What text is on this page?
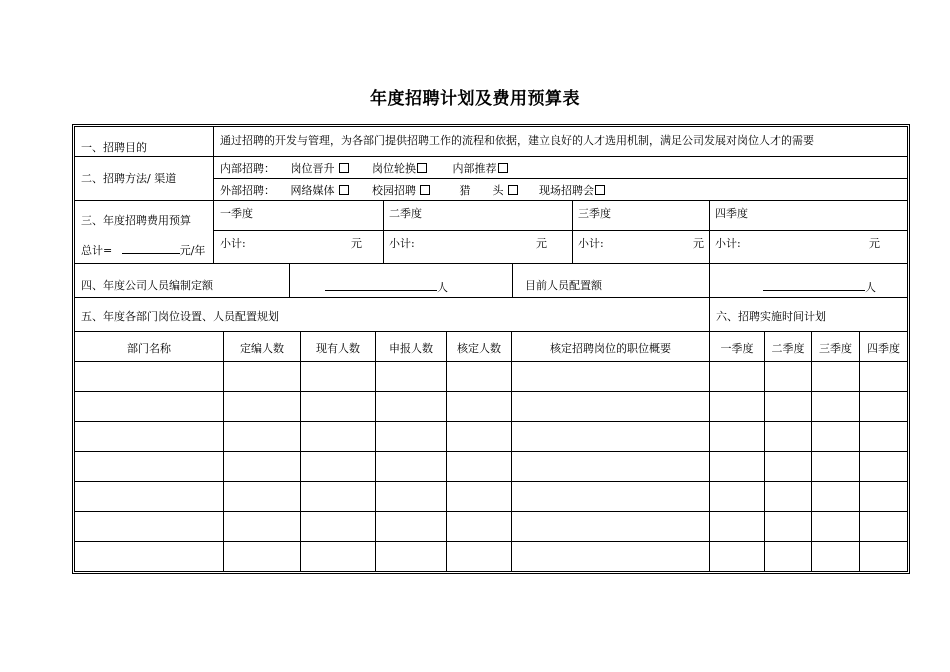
年度招聘计划及费用预算表
一、招聘目的
通过招聘的开发与管理，为各部门提供招聘工作的流程和依据，建立良好的人才选用机制，满足公司发展对岗位人才的需要
二、招聘方法/ 渠道
内部招聘： 岗位晋升	岗位轮换	内部推荐
外部招聘： 网络媒体	校园招聘	猎　　头	现场招聘会
三、年度招聘费用预算
总计=	元/年
一季度	二季度	三季度	四季度
小计:	元 小计:	元	小计:	元 小计:	元
四、年度公司人员编制定额	人	目前人员配置额	人
五、年度各部门岗位设置、人员配置规划	六、招聘实施时间计划
部门名称	定编人数	现有人数	申报人数	核定人数	核定招聘岗位的职位概要	一季度	二季度	三季度	四季度
